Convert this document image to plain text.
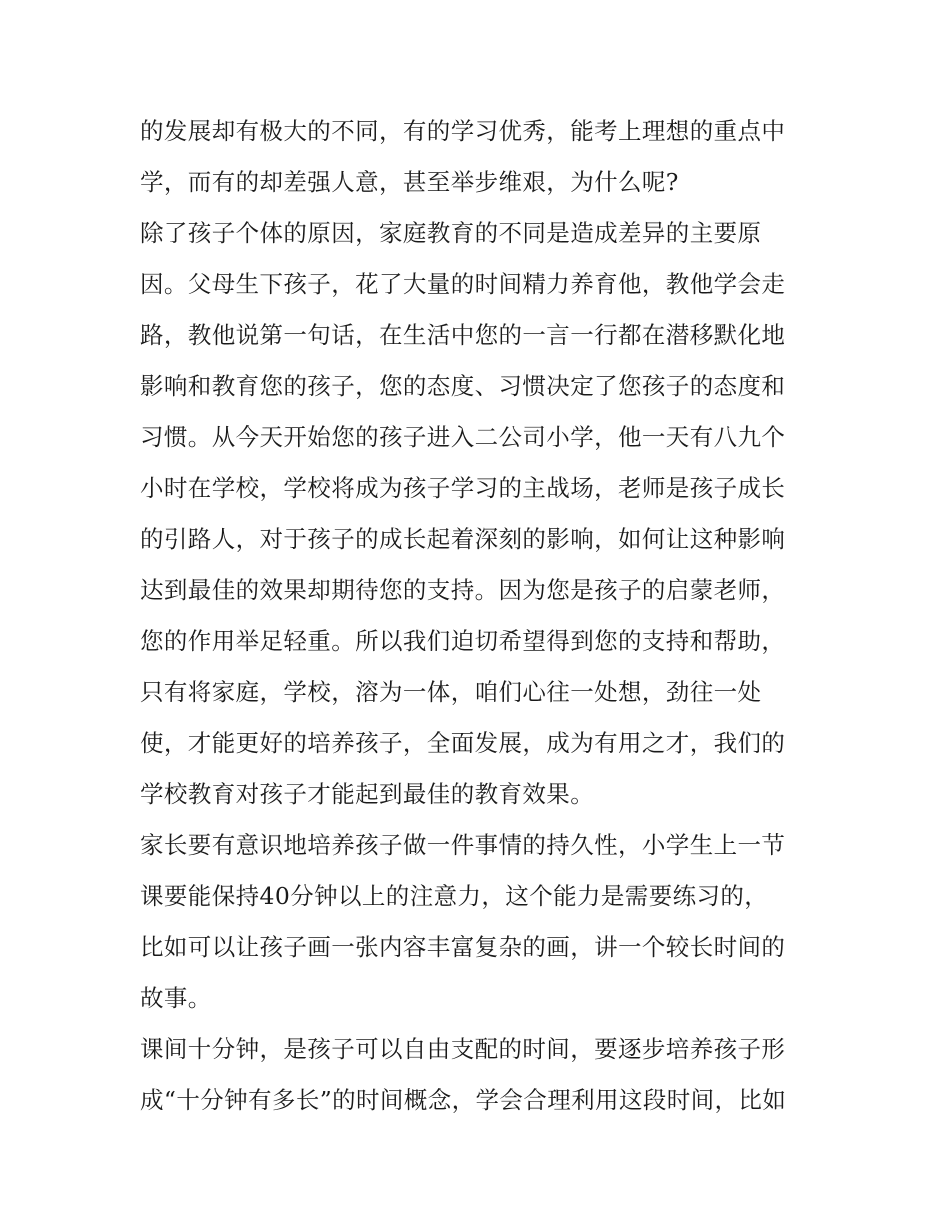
的发展却有极大的不同，有的学习优秀，能考上理想的重点中
学，而有的却差强人意，甚至举步维艰，为什么呢?
除了孩子个体的原因，家庭教育的不同是造成差异的主要原
因。父母生下孩子，花了大量的时间精力养育他，教他学会走
路，教他说第一句话，在生活中您的一言一行都在潜移默化地
影响和教育您的孩子，您的态度、习惯决定了您孩子的态度和
习惯。从今天开始您的孩子进入二公司小学，他一天有八九个
小时在学校，学校将成为孩子学习的主战场，老师是孩子成长
的引路人，对于孩子的成长起着深刻的影响，如何让这种影响
达到最佳的效果却期待您的支持。因为您是孩子的启蒙老师，
您的作用举足轻重。所以我们迫切希望得到您的支持和帮助，
只有将家庭，学校，溶为一体，咱们心往一处想，劲往一处
使，才能更好的培养孩子，全面发展，成为有用之才，我们的
学校教育对孩子才能起到最佳的教育效果。
家长要有意识地培养孩子做一件事情的持久性，小学生上一节
课要能保持40分钟以上的注意力，这个能力是需要练习的，
比如可以让孩子画一张内容丰富复杂的画，讲一个较长时间的
故事。
课间十分钟，是孩子可以自由支配的时间，要逐步培养孩子形
成“十分钟有多长”的时间概念，学会合理利用这段时间，比如
